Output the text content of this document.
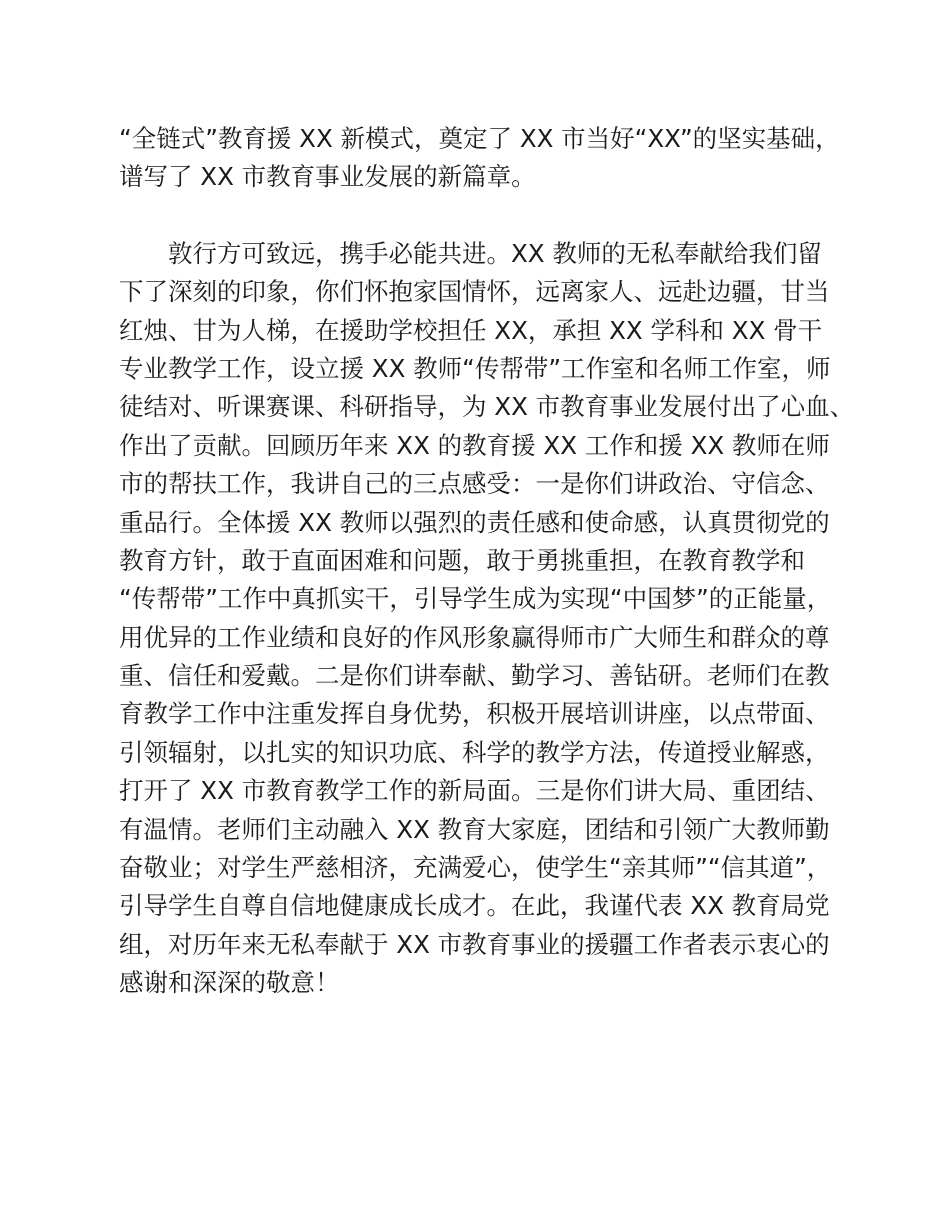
“全链式”教育援 XX 新模式，奠定了 XX 市当好“XX”的坚实基础，
谱写了 XX 市教育事业发展的新篇章。
敦行方可致远，携手必能共进。XX 教师的无私奉献给我们留
下了深刻的印象，你们怀抱家国情怀，远离家人、远赴边疆，甘当
红烛、甘为人梯，在援助学校担任 XX，承担 XX 学科和 XX 骨干
专业教学工作，设立援 XX 教师“传帮带”工作室和名师工作室，师
徒结对、听课赛课、科研指导，为 XX 市教育事业发展付出了心血、
作出了贡献。回顾历年来 XX 的教育援 XX 工作和援 XX 教师在师
市的帮扶工作，我讲自己的三点感受：一是你们讲政治、守信念、
重品行。全体援 XX 教师以强烈的责任感和使命感，认真贯彻党的
教育方针，敢于直面困难和问题，敢于勇挑重担，在教育教学和
“传帮带”工作中真抓实干，引导学生成为实现“中国梦”的正能量，
用优异的工作业绩和良好的作风形象赢得师市广大师生和群众的尊
重、信任和爱戴。二是你们讲奉献、勤学习、善钻研。老师们在教
育教学工作中注重发挥自身优势，积极开展培训讲座，以点带面、
引领辐射，以扎实的知识功底、科学的教学方法，传道授业解惑，
打开了 XX 市教育教学工作的新局面。三是你们讲大局、重团结、
有温情。老师们主动融入 XX 教育大家庭，团结和引领广大教师勤
奋敬业；对学生严慈相济，充满爱心，使学生“亲其师”“信其道”，
引导学生自尊自信地健康成长成才。在此，我谨代表 XX 教育局党
组，对历年来无私奉献于 XX 市教育事业的援疆工作者表示衷心的
感谢和深深的敬意！
